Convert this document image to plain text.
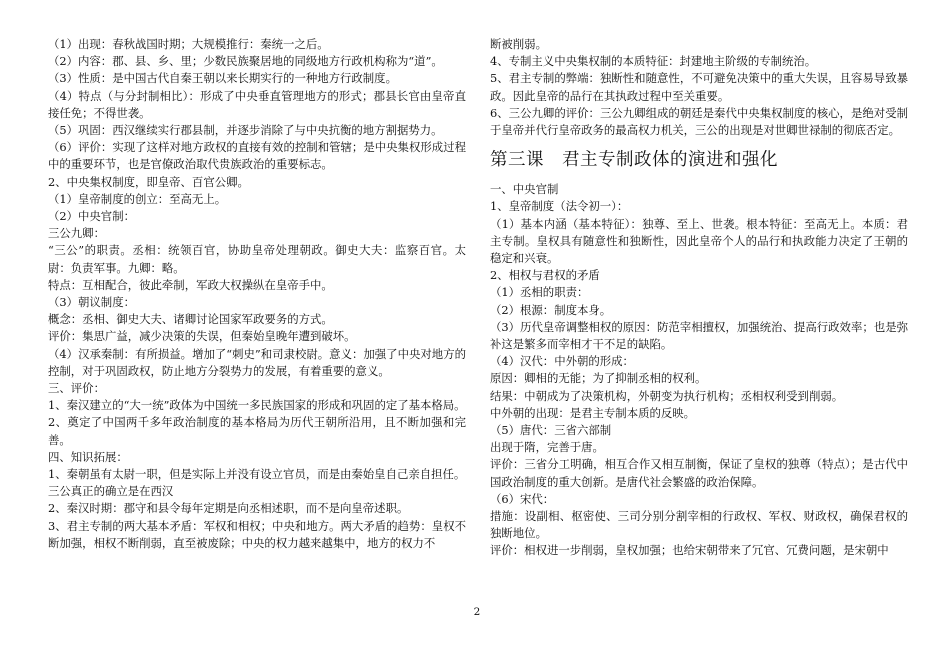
（1）出现：春秋战国时期；大规模推行：秦统一之后。

（2）内容：郡、县、乡、里；少数民族聚居地的同级地方行政机构称为“道”。

（3）性质：是中国古代自秦王朝以来长期实行的一种地方行政制度。

（4）特点（与分封制相比）：形成了中央垂直管理地方的形式；郡县长官由皇帝直接任免；不得世袭。

（5）巩固：西汉继续实行郡县制，并逐步消除了与中央抗衡的地方割据势力。

（6）评价：实现了这样对地方政权的直接有效的控制和管辖；是中央集权形成过程中的重要环节，也是官僚政治取代贵族政治的重要标志。

2、中央集权制度，即皇帝、百官公卿。

（1）皇帝制度的创立：至高无上。

（2）中央官制：

三公九卿：

“三公”的职责。丞相：统领百官，协助皇帝处理朝政。御史大夫：监察百官。太尉：负责军事。九卿：略。

特点：互相配合，彼此牵制，军政大权操纵在皇帝手中。

（3）朝议制度：

概念：丞相、御史大夫、诸卿讨论国家军政要务的方式。

评价：集思广益，减少决策的失误，但秦始皇晚年遭到破坏。

（4）汉承秦制：有所损益。增加了“刺史”和司隶校尉。意义：加强了中央对地方的控制，对于巩固政权，防止地方分裂势力的发展，有着重要的意义。

三、评价：

1、秦汉建立的“大一统”政体为中国统一多民族国家的形成和巩固的定了基本格局。

2、奠定了中国两千多年政治制度的基本格局为历代王朝所沿用，且不断加强和完善。

四、知识拓展：

1、秦朝虽有太尉一职，但是实际上并没有设立官员，而是由秦始皇自己亲自担任。

三公真正的确立是在西汉

2、秦汉时期：郡守和县令每年定期是向丞相述职，而不是向皇帝述职。

3、君主专制的两大基本矛盾：军权和相权；中央和地方。两大矛盾的趋势：皇权不断加强，相权不断削弱，直至被废除；中央的权力越来越集中，地方的权力不

断被削弱。

4、专制主义中央集权制的本质特征：封建地主阶级的专制统治。

5、君主专制的弊端：独断性和随意性，不可避免决策中的重大失误，且容易导致暴政。因此皇帝的品行在其执政过程中至关重要。

6、三公九卿的评价：三公九卿组成的朝廷是秦代中央集权制度的核心，是绝对受制于皇帝并代行皇帝政务的最高权力机关，三公的出现是对世卿世禄制的彻底否定。

第三课　君主专制政体的演进和强化

一、中央官制

1、皇帝制度（法令初一）：

（1）基本内涵（基本特征）：独尊、至上、世袭。根本特征：至高无上。本质：君主专制。皇权具有随意性和独断性，因此皇帝个人的品行和执政能力决定了王朝的稳定和兴衰。

2、相权与君权的矛盾

（1）丞相的职责：

（2）根源：制度本身。

（3）历代皇帝调整相权的原因：防范宰相擅权，加强统治、提高行政效率；也是弥补这是繁多而宰相才干不足的缺陷。

（4）汉代：中外朝的形成：

原因：卿相的无能；为了抑制丞相的权利。

结果：中朝成为了决策机构，外朝变为执行机构；丞相权利受到削弱。

中外朝的出现：是君主专制本质的反映。

（5）唐代：三省六部制

出现于隋，完善于唐。

评价：三省分工明确，相互合作又相互制衡，保证了皇权的独尊（特点）；是古代中国政治制度的重大创新。是唐代社会繁盛的政治保障。

（6）宋代：

措施：设副相、枢密使、三司分别分割宰相的行政权、军权、财政权，确保君权的独断地位。

评价：相权进一步削弱，皇权加强；也给宋朝带来了冗官、冗费问题，是宋朝中

2
